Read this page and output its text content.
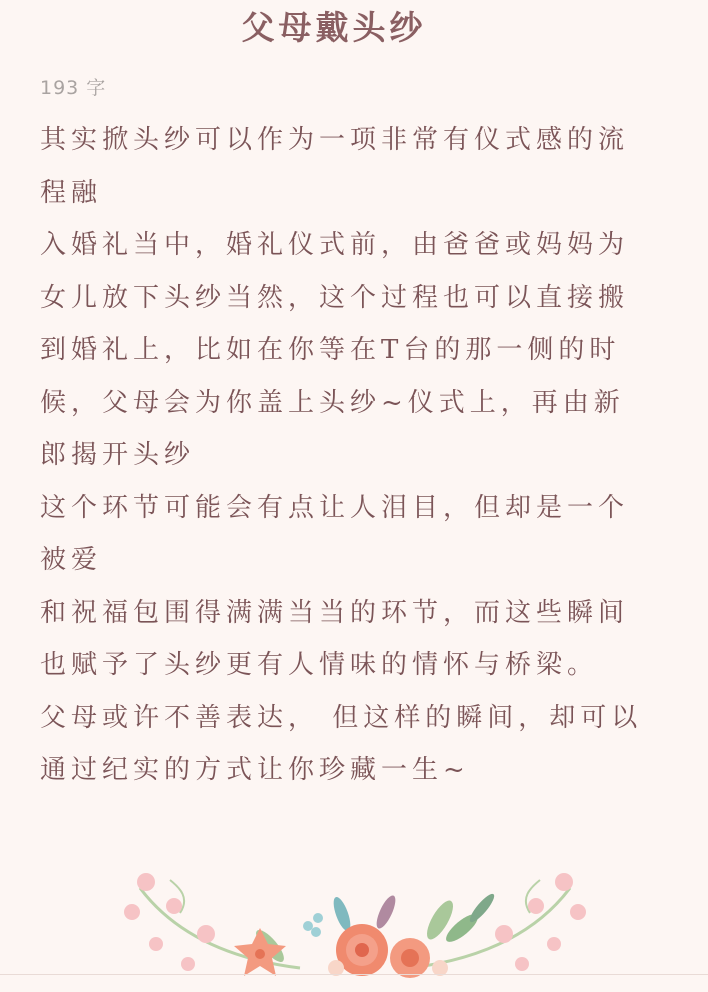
父母戴头纱
193 字
其实掀头纱可以作为一项非常有仪式感的流
程融
入婚礼当中，婚礼仪式前，由爸爸或妈妈为
女儿放下头纱当然，这个过程也可以直接搬
到婚礼上，比如在你等在T台的那一侧的时
候，父母会为你盖上头纱~仪式上，再由新
郎揭开头纱
这个环节可能会有点让人泪目，但却是一个
被爱
和祝福包围得满满当当的环节，而这些瞬间
也赋予了头纱更有人情味的情怀与桥梁。
父母或许不善表达， 但这样的瞬间，却可以
通过纪实的方式让你珍藏一生~
